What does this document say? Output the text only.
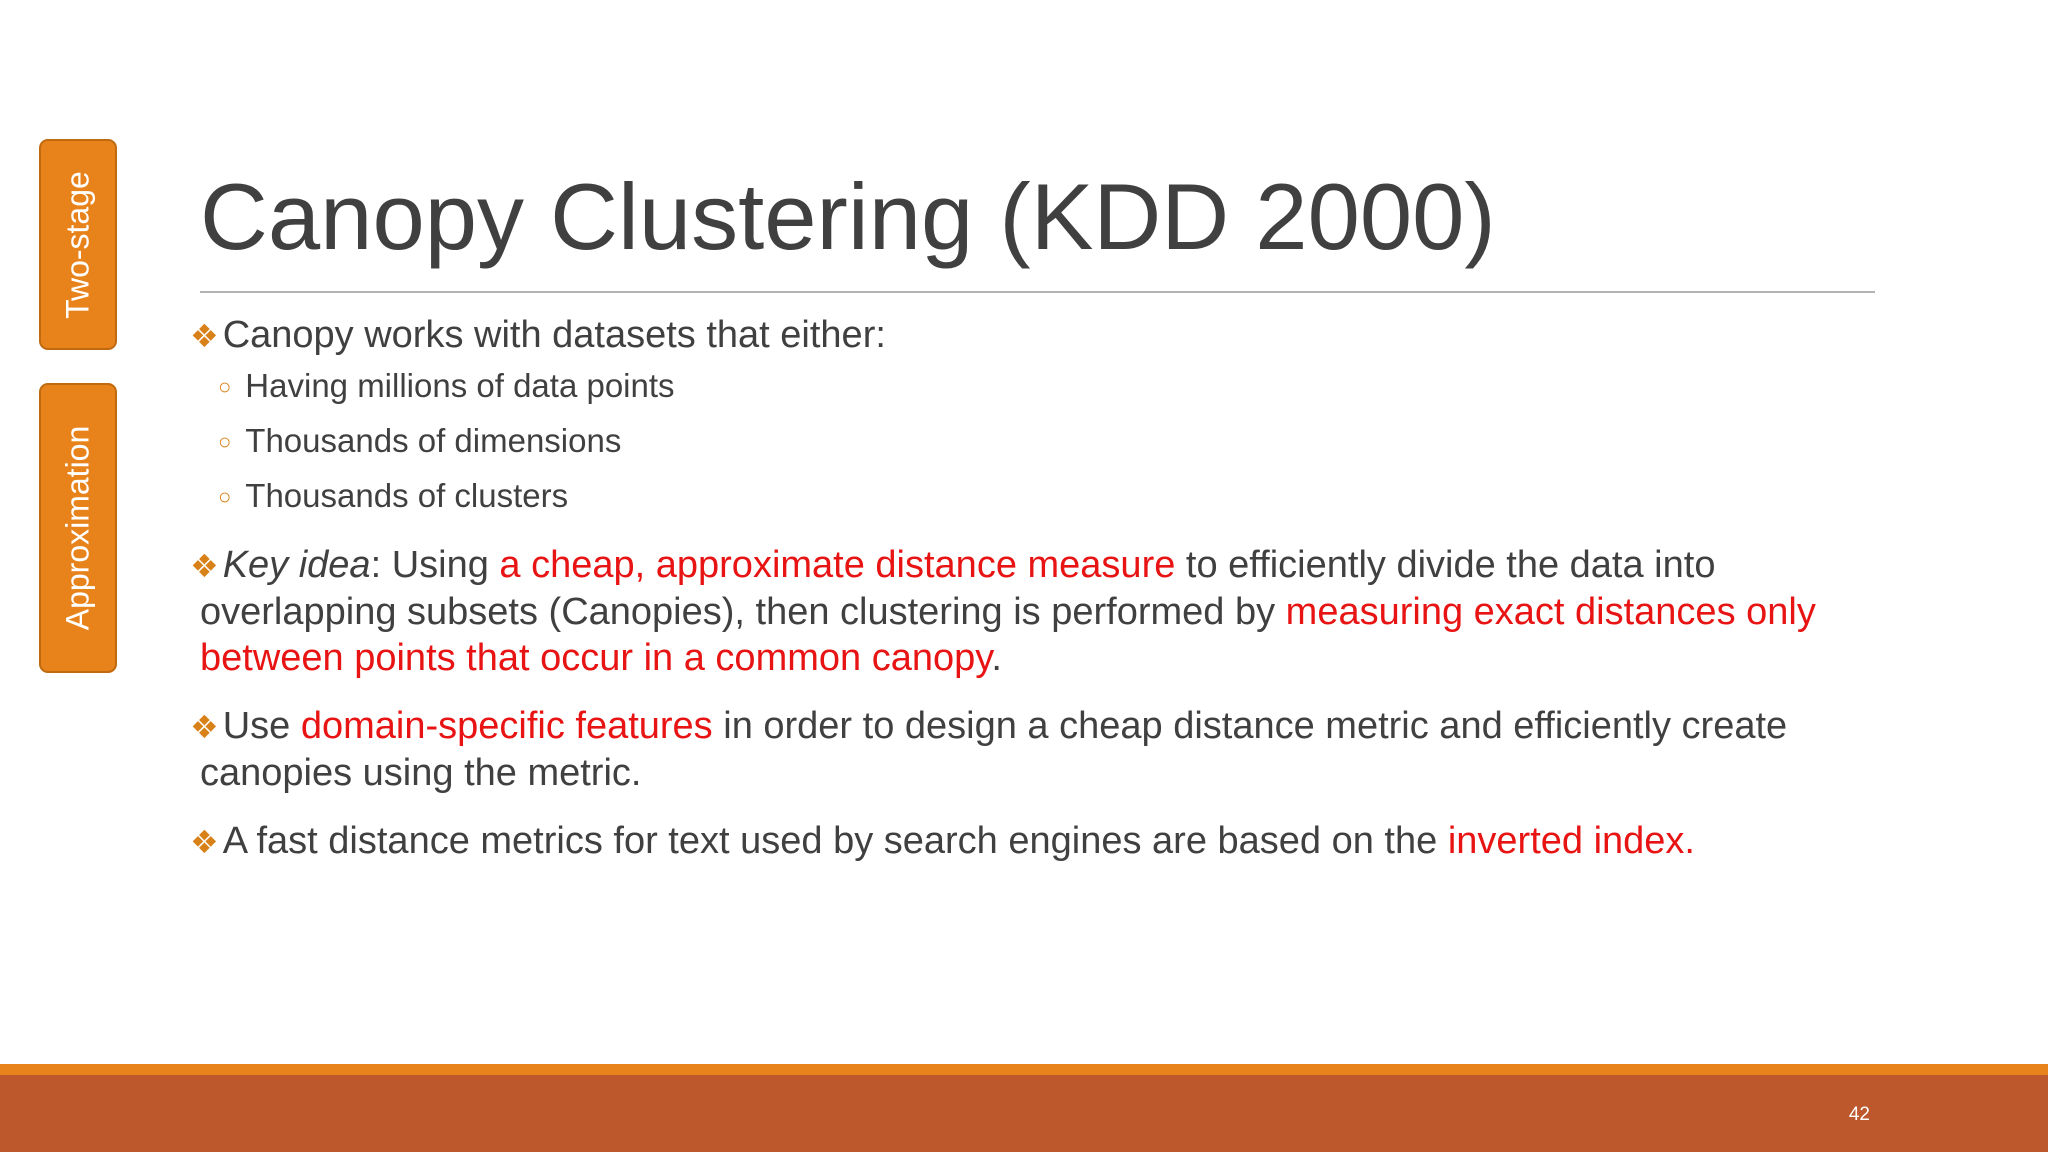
Two-stage
Approximation
Canopy Clustering (KDD 2000)

❖ Canopy works with datasets that either:

○ Having millions of data points

○ Thousands of dimensions

○ Thousands of clusters

❖ Key idea: Using a cheap, approximate distance measure to efficiently divide the data into overlapping subsets (Canopies), then clustering is performed by measuring exact distances only between points that occur in a common canopy.

❖ Use domain-specific features in order to design a cheap distance metric and efficiently create canopies using the metric.

❖ A fast distance metrics for text used by search engines are based on the inverted index.

42
